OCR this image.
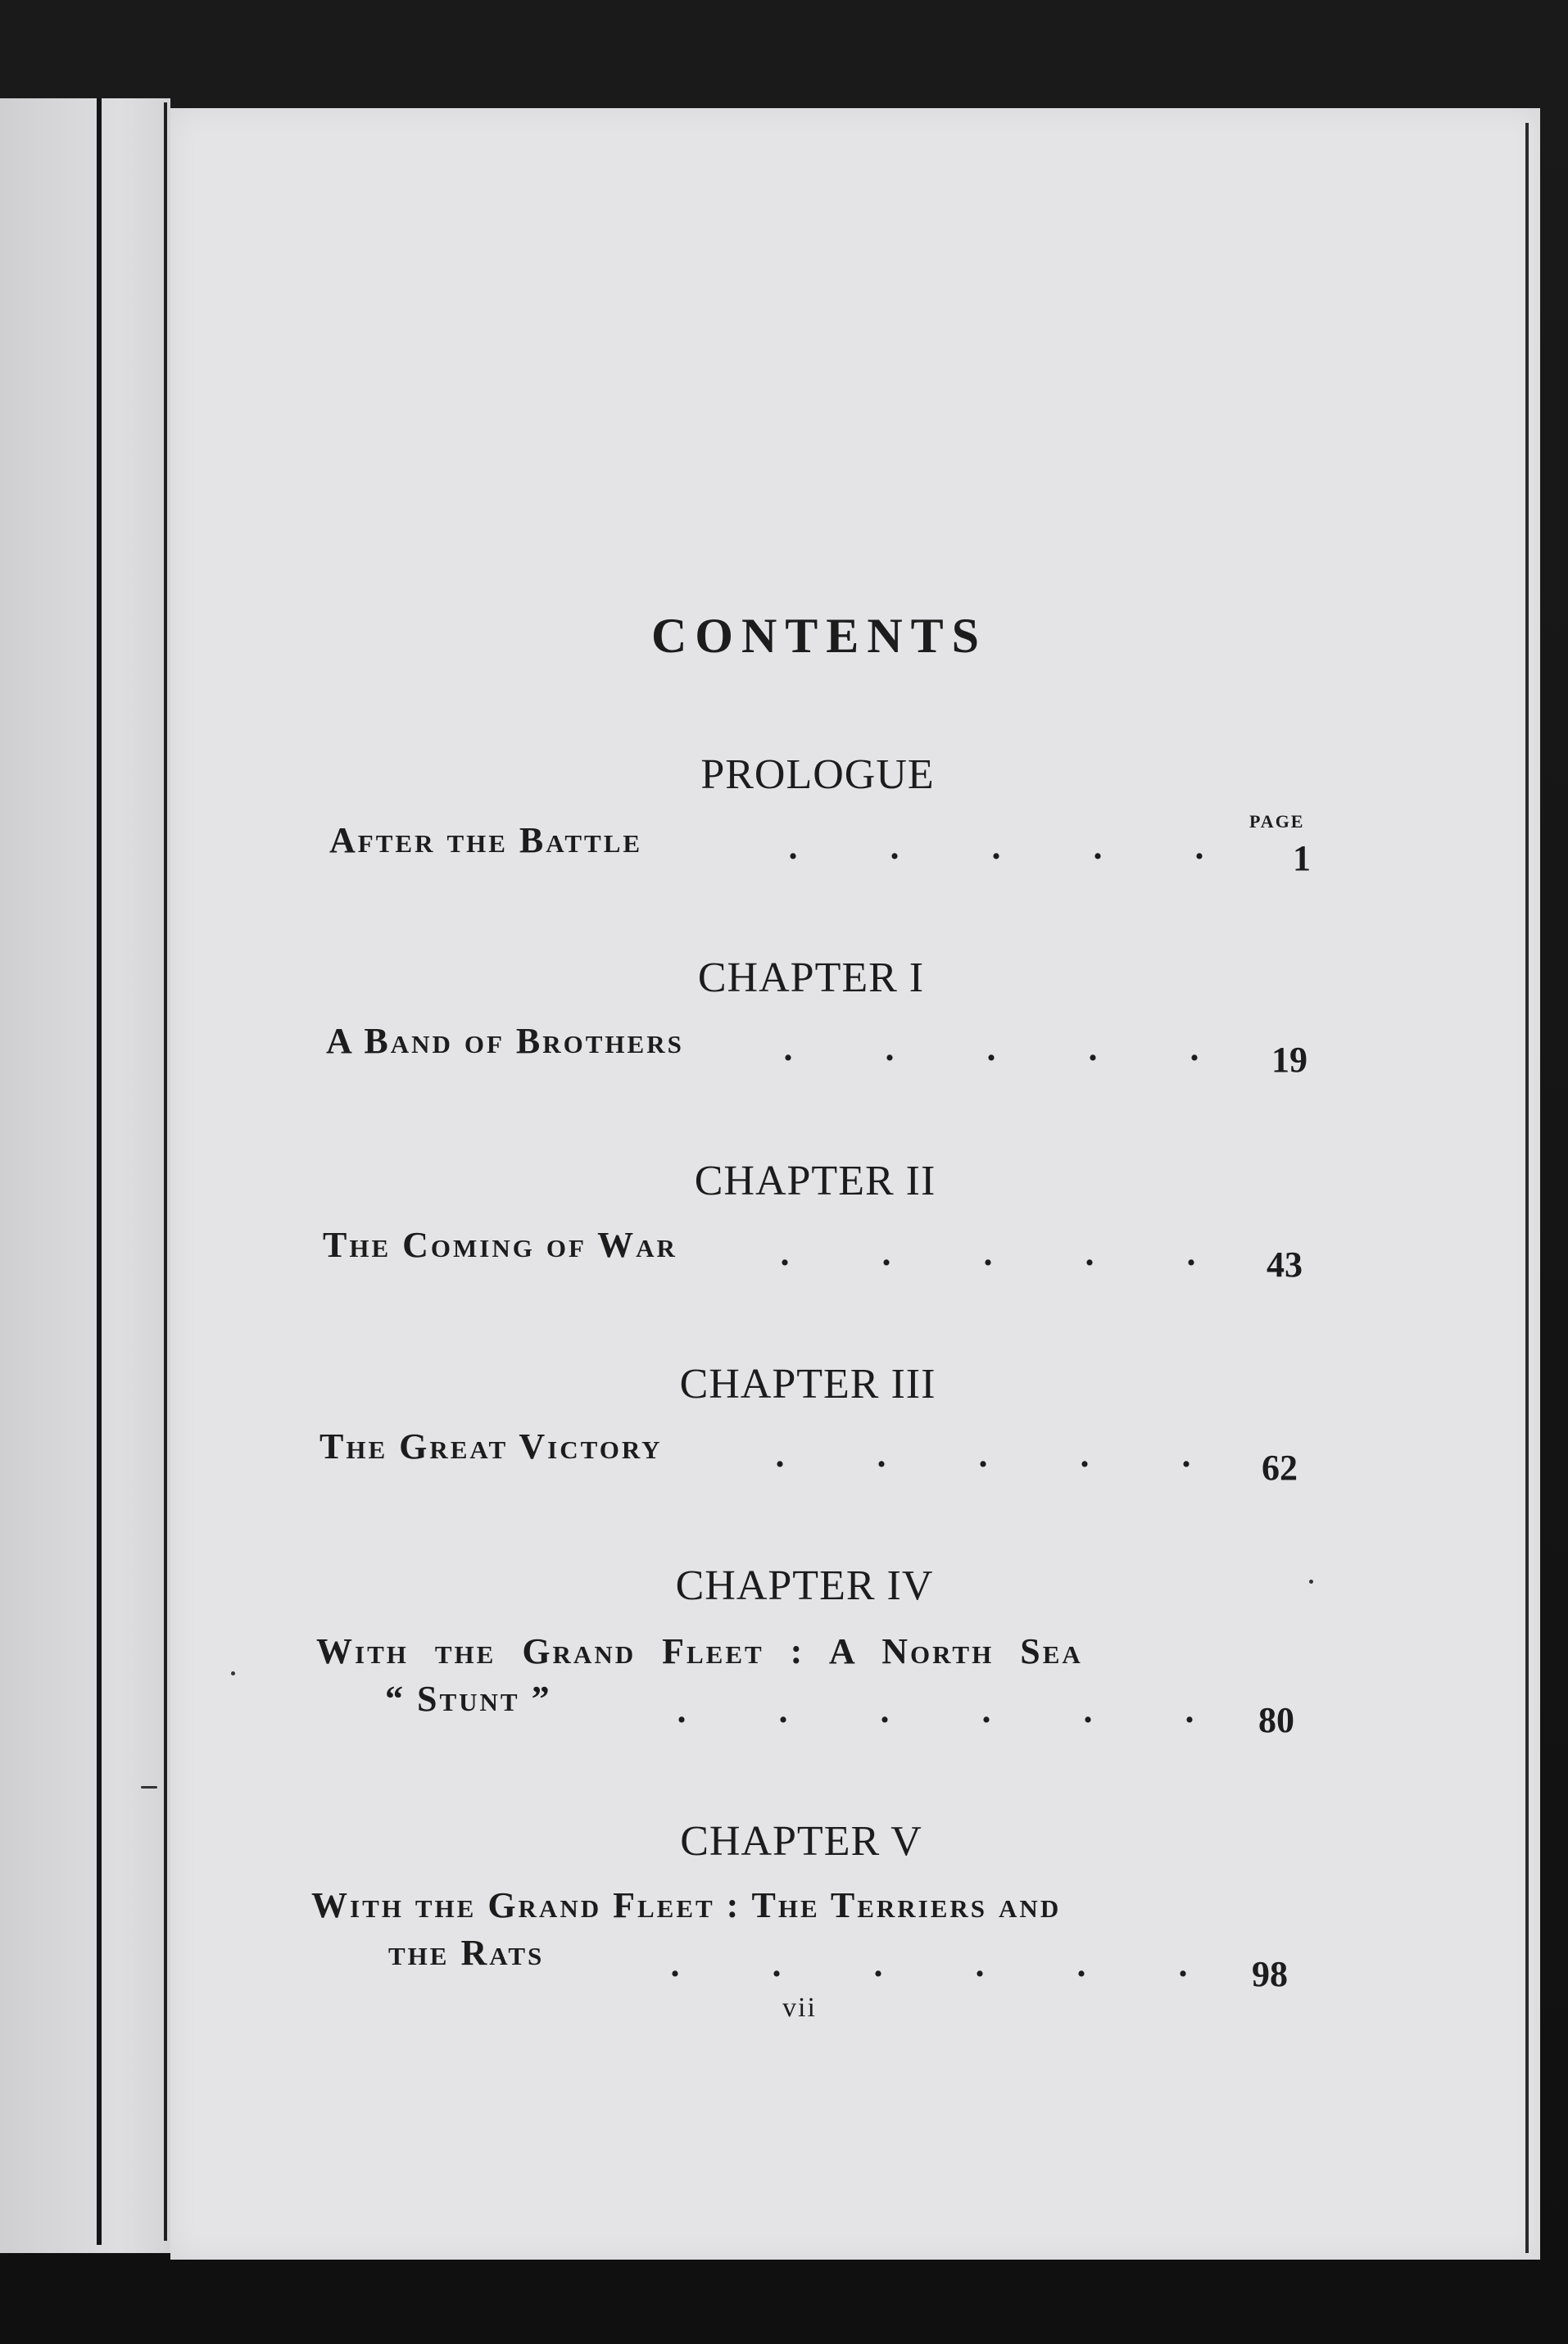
CONTENTS
PAGE
PROLOGUE
After the Battle	.	.	.	.	.	1
CHAPTER I
A Band of Brothers	.	.	.	.	.	19
CHAPTER II
The Coming of War	.	.	.	.	.	43
CHAPTER III
The Great Victory	.	.	.	.	.	62
CHAPTER IV
With the Grand Fleet : A North Sea
“ Stunt ”	.	.	.	.	.	.	80
CHAPTER V
With the Grand Fleet : The Terriers and
the Rats	.	.	.	.	.	.	98
vii
